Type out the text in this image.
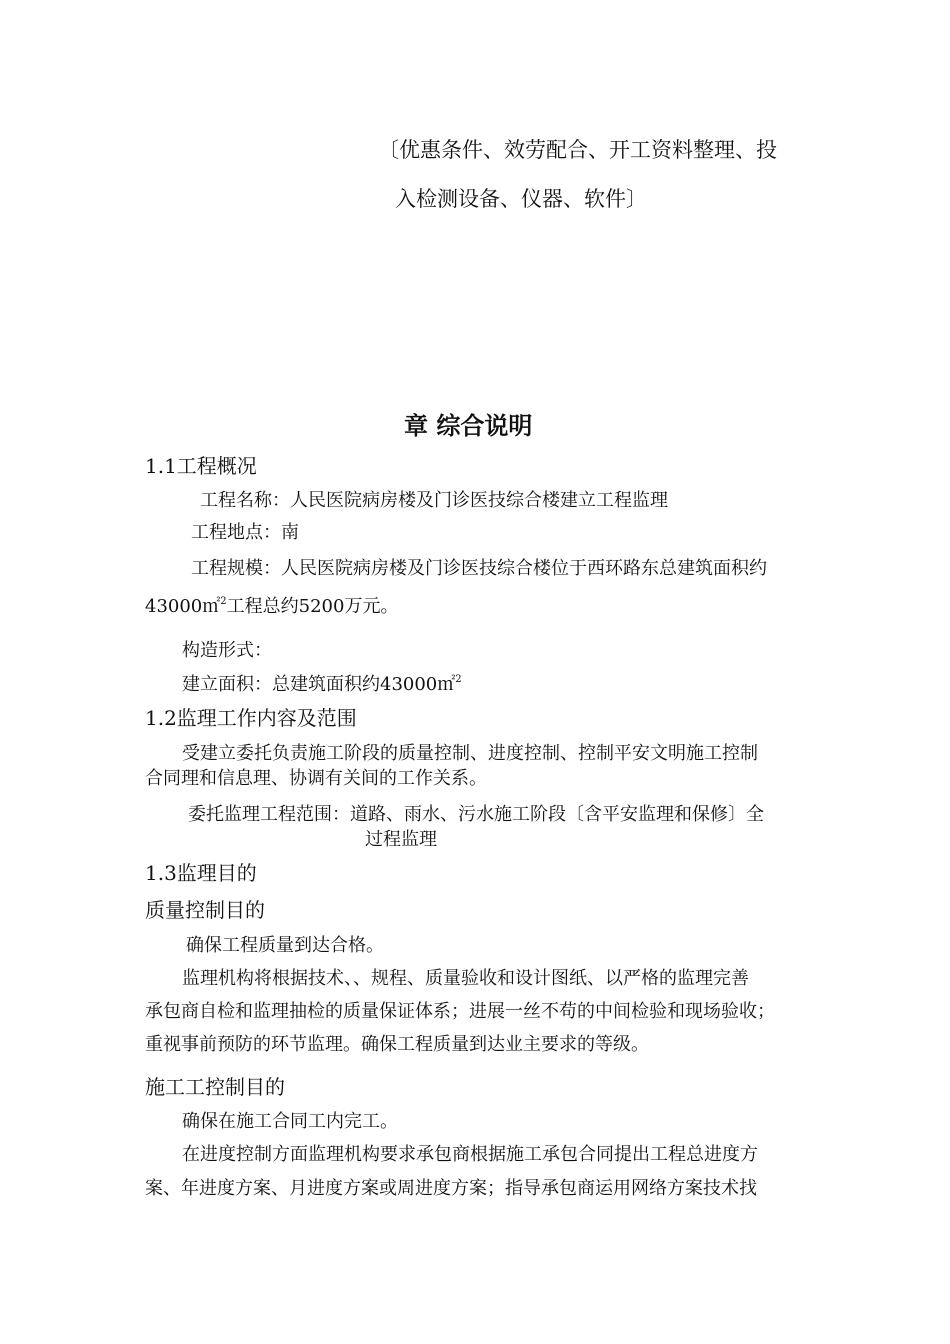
〔优惠条件、效劳配合、开工资料整理、投
入检测设备、仪器、软件〕
章 综合说明
1.1工程概况
工程名称：人民医院病房楼及门诊医技综合楼建立工程监理
工程地点：南
工程规模：人民医院病房楼及门诊医技综合楼位于西环路东总建筑面积约
43000㎡$^2$工程总约5200万元。
构造形式：
建立面积：总建筑面积约43000㎡$^2$
1.2监理工作内容及范围
受建立委托负责施工阶段的质量控制、进度控制、控制平安文明施工控制
合同理和信息理、协调有关间的工作关系。
委托监理工程范围：道路、雨水、污水施工阶段〔含平安监理和保修〕全
过程监理
1.3监理目的
质量控制目的
确保工程质量到达合格。
监理机构将根据技术、、规程、质量验收和设计图纸、以严格的监理完善
承包商自检和监理抽检的质量保证体系；进展一丝不苟的中间检验和现场验收；
重视事前预防的环节监理。确保工程质量到达业主要求的等级。
施工工控制目的
确保在施工合同工内完工。
在进度控制方面监理机构要求承包商根据施工承包合同提出工程总进度方
案、年进度方案、月进度方案或周进度方案；指导承包商运用网络方案技术找
